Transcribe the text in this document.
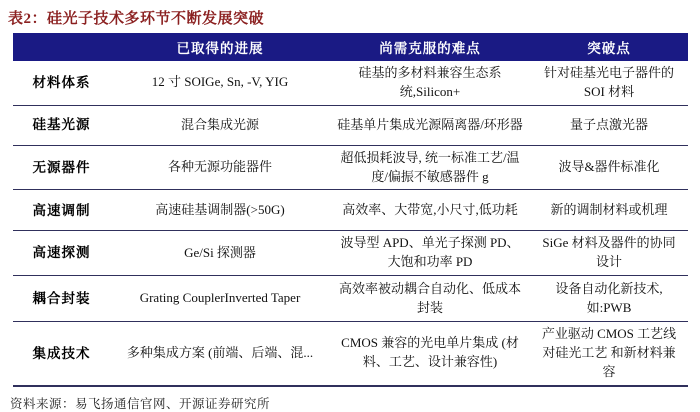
表2：硅光子技术多环节不断发展突破
	已取得的进展	尚需克服的难点	突破点
材料体系	12 寸 SOIGe, Sn, -V, YIG	硅基的多材料兼容生态系统,Silicon+	针对硅基光电子器件的 SOI 材料
硅基光源	混合集成光源	硅基单片集成光源隔离器/环形器	量子点激光器
无源器件	各种无源功能器件	超低损耗波导, 统一标准工艺/温度/偏振不敏感器件 g	波导&器件标准化
高速调制	高速硅基调制器(>50G)	高效率、大带宽,小尺寸,低功耗	新的调制材料或机理
高速探测	Ge/Si 探测器	波导型 APD、单光子探测 PD、大饱和功率 PD	SiGe 材料及器件的协同设计
耦合封装	Grating CouplerInverted Taper	高效率被动耦合自动化、低成本封装	设备自动化新技术, 如:PWB
集成技术	多种集成方案 (前端、后端、混...	CMOS 兼容的光电单片集成 (材料、工艺、设计兼容性)	产业驱动 CMOS 工艺线对硅光工艺 和新材料兼容
资料来源：易飞扬通信官网、开源证券研究所
